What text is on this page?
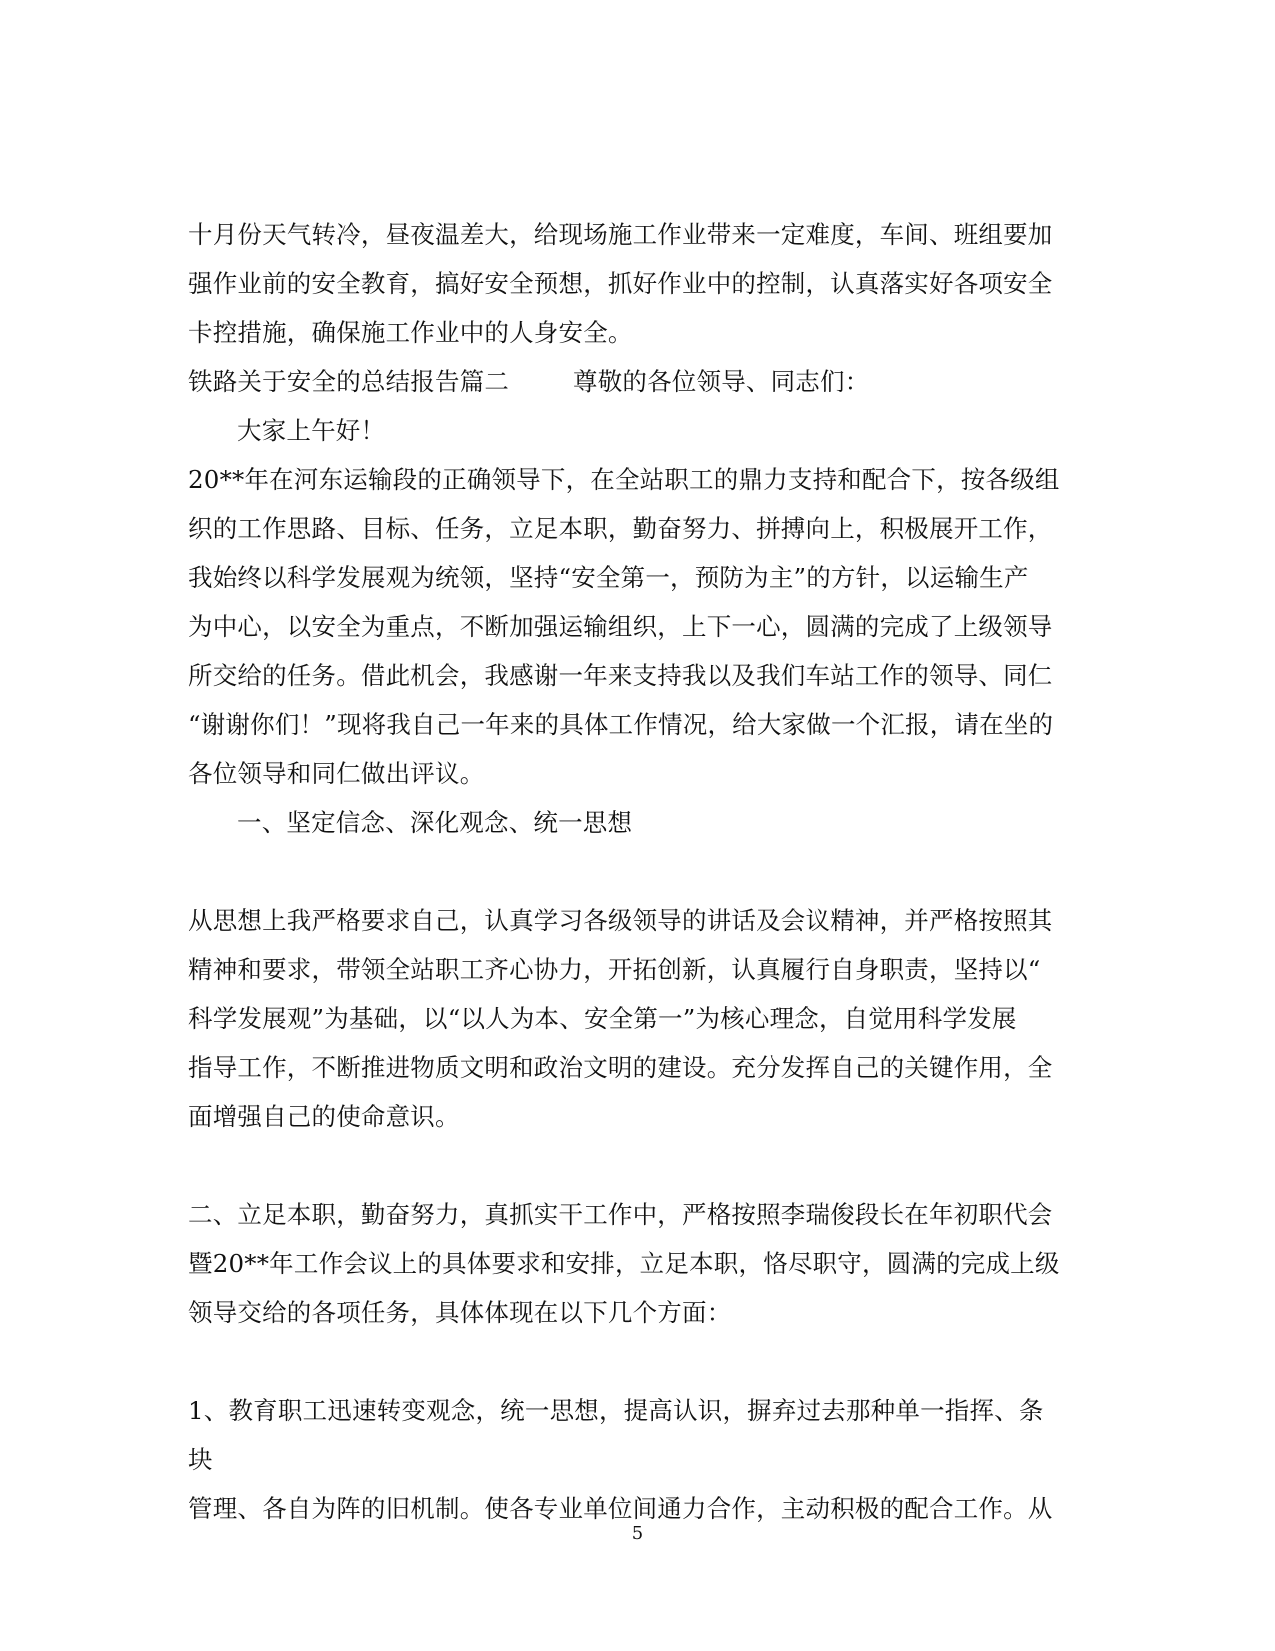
十月份天气转冷，昼夜温差大，给现场施工作业带来一定难度，车间、班组要加

强作业前的安全教育，搞好安全预想，抓好作业中的控制，认真落实好各项安全

卡控措施，确保施工作业中的人身安全。

铁路关于安全的总结报告篇二        尊敬的各位领导、同志们：

大家上午好！

20**年在河东运输段的正确领导下，在全站职工的鼎力支持和配合下，按各级组

织的工作思路、目标、任务，立足本职，勤奋努力、拼搏向上，积极展开工作，

我始终以科学发展观为统领，坚持“安全第一，预防为主”的方针，以运输生产

为中心，以安全为重点，不断加强运输组织，上下一心，圆满的完成了上级领导

所交给的任务。借此机会，我感谢一年来支持我以及我们车站工作的领导、同仁

“谢谢你们！”现将我自己一年来的具体工作情况，给大家做一个汇报，请在坐的

各位领导和同仁做出评议。

一、坚定信念、深化观念、统一思想

从思想上我严格要求自己，认真学习各级领导的讲话及会议精神，并严格按照其

精神和要求，带领全站职工齐心协力，开拓创新，认真履行自身职责，坚持以“

科学发展观”为基础，以“以人为本、安全第一”为核心理念，自觉用科学发展

指导工作，不断推进物质文明和政治文明的建设。充分发挥自己的关键作用，全

面增强自己的使命意识。

二、立足本职，勤奋努力，真抓实干工作中，严格按照李瑞俊段长在年初职代会

暨20**年工作会议上的具体要求和安排，立足本职，恪尽职守，圆满的完成上级

领导交给的各项任务，具体体现在以下几个方面：

1、教育职工迅速转变观念，统一思想，提高认识，摒弃过去那种单一指挥、条块

管理、各自为阵的旧机制。使各专业单位间通力合作，主动积极的配合工作。从

5
